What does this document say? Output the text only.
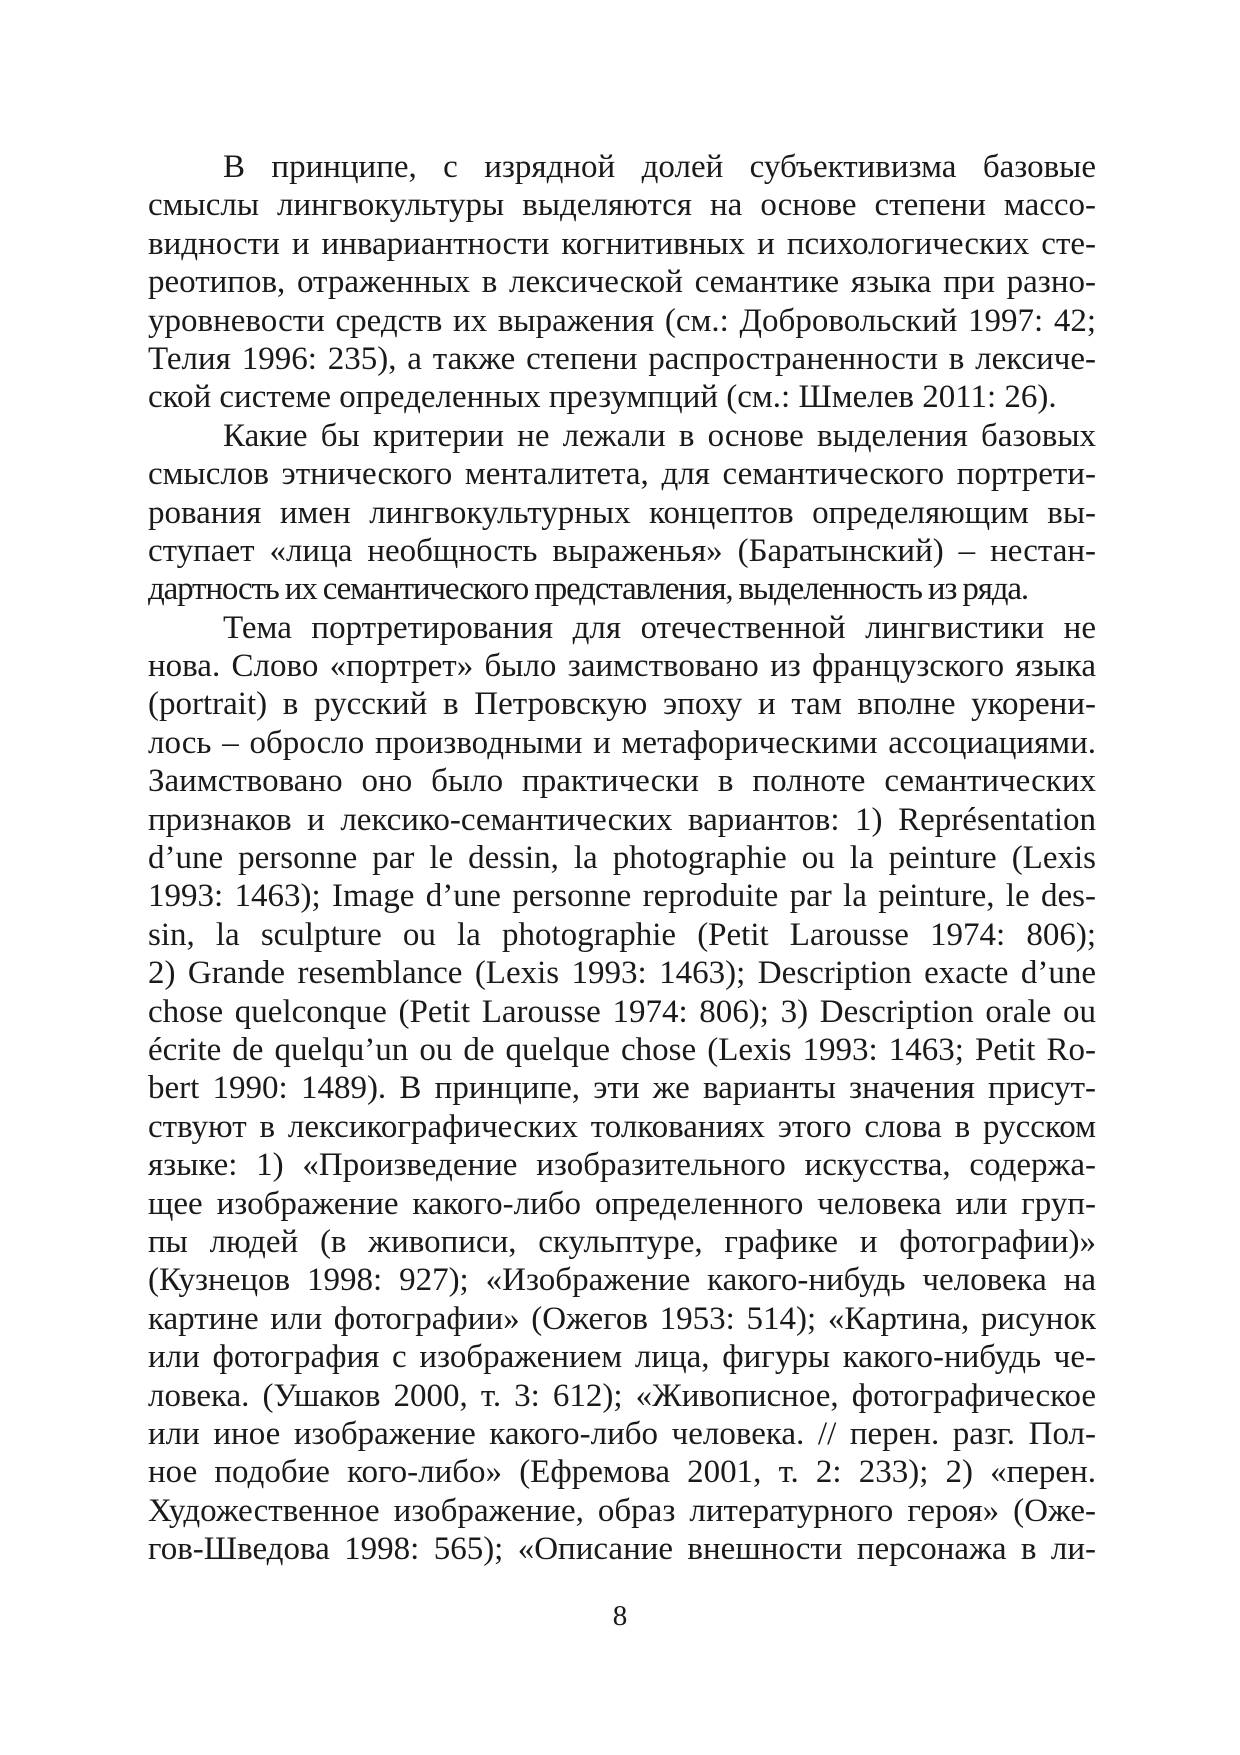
В принципе, с изрядной долей субъективизма базовые
смыслы лингвокультуры выделяются на основе степени массо-
видности и инвариантности когнитивных и психологических сте-
реотипов, отраженных в лексической семантике языка при разно-
уровневости средств их выражения (см.: Добровольский 1997: 42;
Телия 1996: 235), а также степени распространенности в лексиче-
ской системе определенных презумпций (см.: Шмелев 2011: 26).
Какие бы критерии не лежали в основе выделения базовых
смыслов этнического менталитета, для семантического портрети-
рования имен лингвокультурных концептов определяющим вы-
ступает «лица необщность выраженья» (Баратынский) – нестан-
дартность их семантического представления, выделенность из ряда.
Тема портретирования для отечественной лингвистики не
нова. Слово «портрет» было заимствовано из французского языка
(portrait) в русский в Петровскую эпоху и там вполне укорени-
лось – обросло производными и метафорическими ассоциациями.
Заимствовано оно было практически в полноте семантических
признаков и лексико-семантических вариантов: 1) Représentation
d’une personne par le dessin, la photographie ou la peinture (Lexis
1993: 1463); Image d’une personne reproduite par la peinture, le des-
sin, la sculpture ou la photographie (Petit Larousse 1974: 806);
2) Grande resemblance (Lexis 1993: 1463); Description exacte d’une
chose quelconque (Petit Larousse 1974: 806); 3) Description orale ou
écrite de quelqu’un ou de quelque chose (Lexis 1993: 1463; Petit Ro-
bert 1990: 1489). В принципе, эти же варианты значения присут-
ствуют в лексикографических толкованиях этого слова в русском
языке: 1) «Произведение изобразительного искусства, содержа-
щее изображение какого-либо определенного человека или груп-
пы людей (в живописи, скульптуре, графике и фотографии)»
(Кузнецов 1998: 927); «Изображение какого-нибудь человека на
картине или фотографии» (Ожегов 1953: 514); «Картина, рисунок
или фотография с изображением лица, фигуры какого-нибудь че-
ловека. (Ушаков 2000, т. 3: 612); «Живописное, фотографическое
или иное изображение какого-либо человека. // перен. разг. Пол-
ное подобие кого-либо» (Ефремова 2001, т. 2: 233); 2) «перен.
Художественное изображение, образ литературного героя» (Оже-
гов-Шведова 1998: 565); «Описание внешности персонажа в ли-
8
